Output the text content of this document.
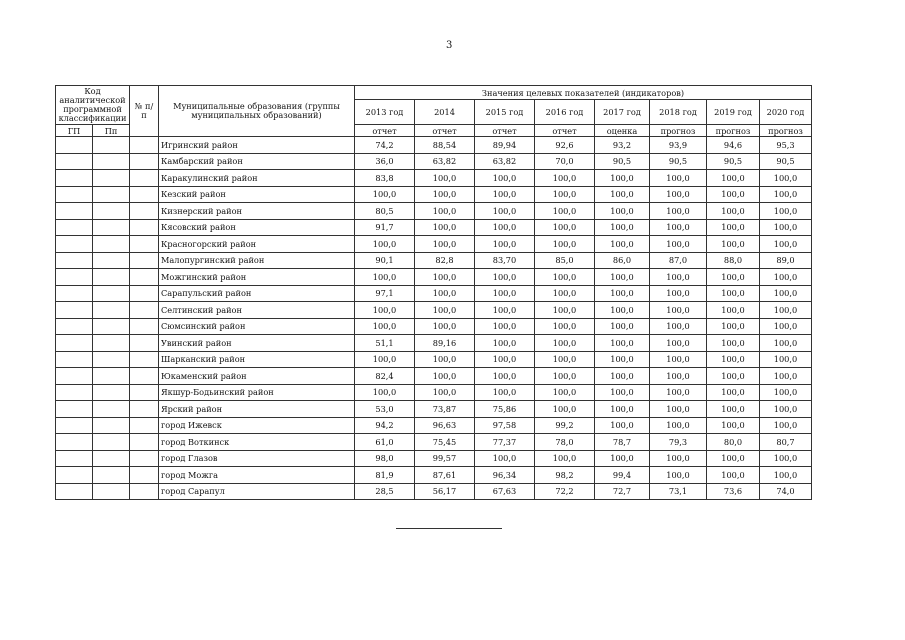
3
Код аналитической программной классификации		№ п/п	Муниципальные образования (группы муниципальных образований)	Значения целевых показателей (индикаторов)							
				2013 год	2014	2015 год	2016 год	2017 год	2018 год	2019 год	2020 год
ГП	Пп			отчет	отчет	отчет	отчет	оценка	прогноз	прогноз	прогноз

			Игринский район	74,2	88,54	89,94	92,6	93,2	93,9	94,6	95,3
			Камбарский район	36,0	63,82	63,82	70,0	90,5	90,5	90,5	90,5
			Каракулинский район	83,8	100,0	100,0	100,0	100,0	100,0	100,0	100,0
			Кезский район	100,0	100,0	100,0	100,0	100,0	100,0	100,0	100,0
			Кизнерский район	80,5	100,0	100,0	100,0	100,0	100,0	100,0	100,0
			Кясовский район	91,7	100,0	100,0	100,0	100,0	100,0	100,0	100,0
			Красногорский район	100,0	100,0	100,0	100,0	100,0	100,0	100,0	100,0
			Малопургинский район	90,1	82,8	83,70	85,0	86,0	87,0	88,0	89,0
			Можгинский район	100,0	100,0	100,0	100,0	100,0	100,0	100,0	100,0
			Сарапульский район	97,1	100,0	100,0	100,0	100,0	100,0	100,0	100,0
			Селтинский район	100,0	100,0	100,0	100,0	100,0	100,0	100,0	100,0
			Сюмсинский район	100,0	100,0	100,0	100,0	100,0	100,0	100,0	100,0
			Увинский район	51,1	89,16	100,0	100,0	100,0	100,0	100,0	100,0
			Шарканский район	100,0	100,0	100,0	100,0	100,0	100,0	100,0	100,0
			Юкаменский район	82,4	100,0	100,0	100,0	100,0	100,0	100,0	100,0
			Якшур-Бодьинский район	100,0	100,0	100,0	100,0	100,0	100,0	100,0	100,0
			Ярский район	53,0	73,87	75,86	100,0	100,0	100,0	100,0	100,0
			город Ижевск	94,2	96,63	97,58	99,2	100,0	100,0	100,0	100,0
			город Воткинск	61,0	75,45	77,37	78,0	78,7	79,3	80,0	80,7
			город Глазов	98,0	99,57	100,0	100,0	100,0	100,0	100,0	100,0
			город Можга	81,9	87,61	96,34	98,2	99,4	100,0	100,0	100,0
			город Сарапул	28,5	56,17	67,63	72,2	72,7	73,1	73,6	74,0
